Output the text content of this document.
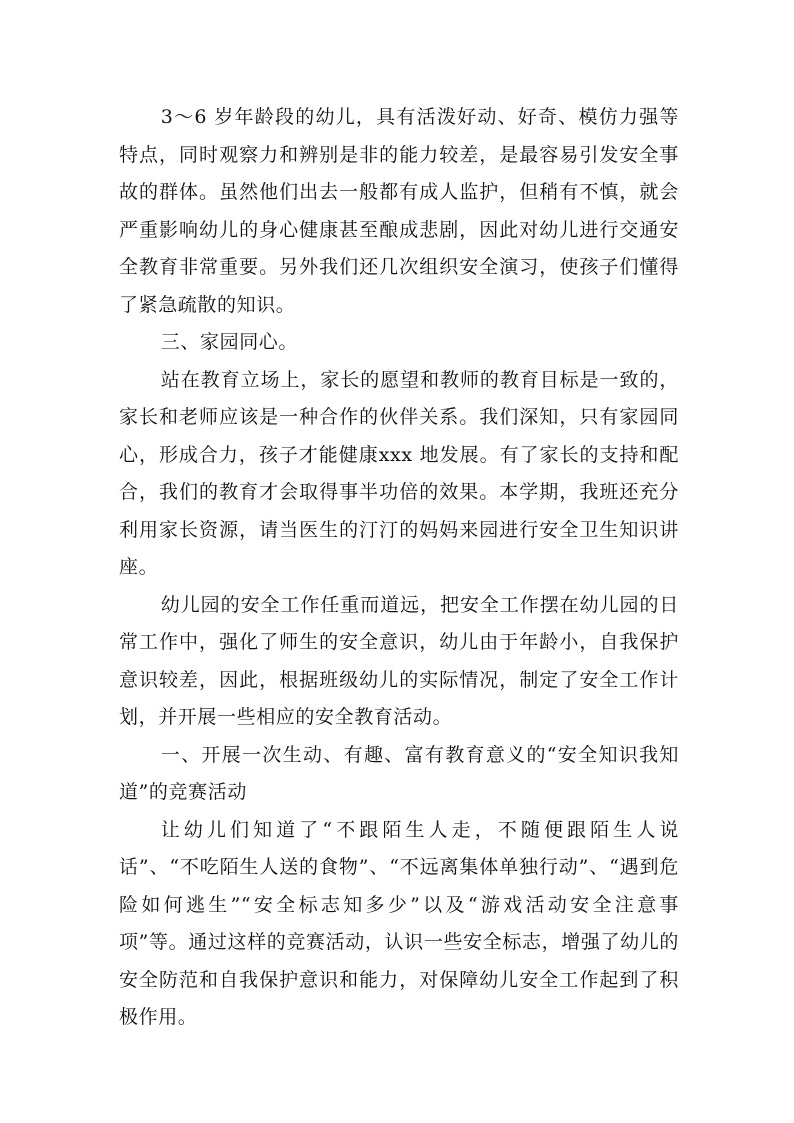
3～6 岁年龄段的幼儿，具有活泼好动、好奇、模仿力强等特点，同时观察力和辨别是非的能力较差，是最容易引发安全事故的群体。虽然他们出去一般都有成人监护，但稍有不慎，就会严重影响幼儿的身心健康甚至酿成悲剧，因此对幼儿进行交通安全教育非常重要。另外我们还几次组织安全演习，使孩子们懂得了紧急疏散的知识。

三、家园同心。

站在教育立场上，家长的愿望和教师的教育目标是一致的，家长和老师应该是一种合作的伙伴关系。我们深知，只有家园同心，形成合力，孩子才能健康xxx 地发展。有了家长的支持和配合，我们的教育才会取得事半功倍的效果。本学期，我班还充分利用家长资源，请当医生的汀汀的妈妈来园进行安全卫生知识讲座。

幼儿园的安全工作任重而道远，把安全工作摆在幼儿园的日常工作中，强化了师生的安全意识，幼儿由于年龄小，自我保护意识较差，因此，根据班级幼儿的实际情况，制定了安全工作计划，并开展一些相应的安全教育活动。

一、开展一次生动、有趣、富有教育意义的“安全知识我知道”的竞赛活动

让幼儿们知道了“不跟陌生人走，不随便跟陌生人说话”、“不吃陌生人送的食物”、“不远离集体单独行动”、“遇到危险如何逃生”“安全标志知多少”以及“游戏活动安全注意事项”等。通过这样的竞赛活动，认识一些安全标志，增强了幼儿的安全防范和自我保护意识和能力，对保障幼儿安全工作起到了积极作用。
